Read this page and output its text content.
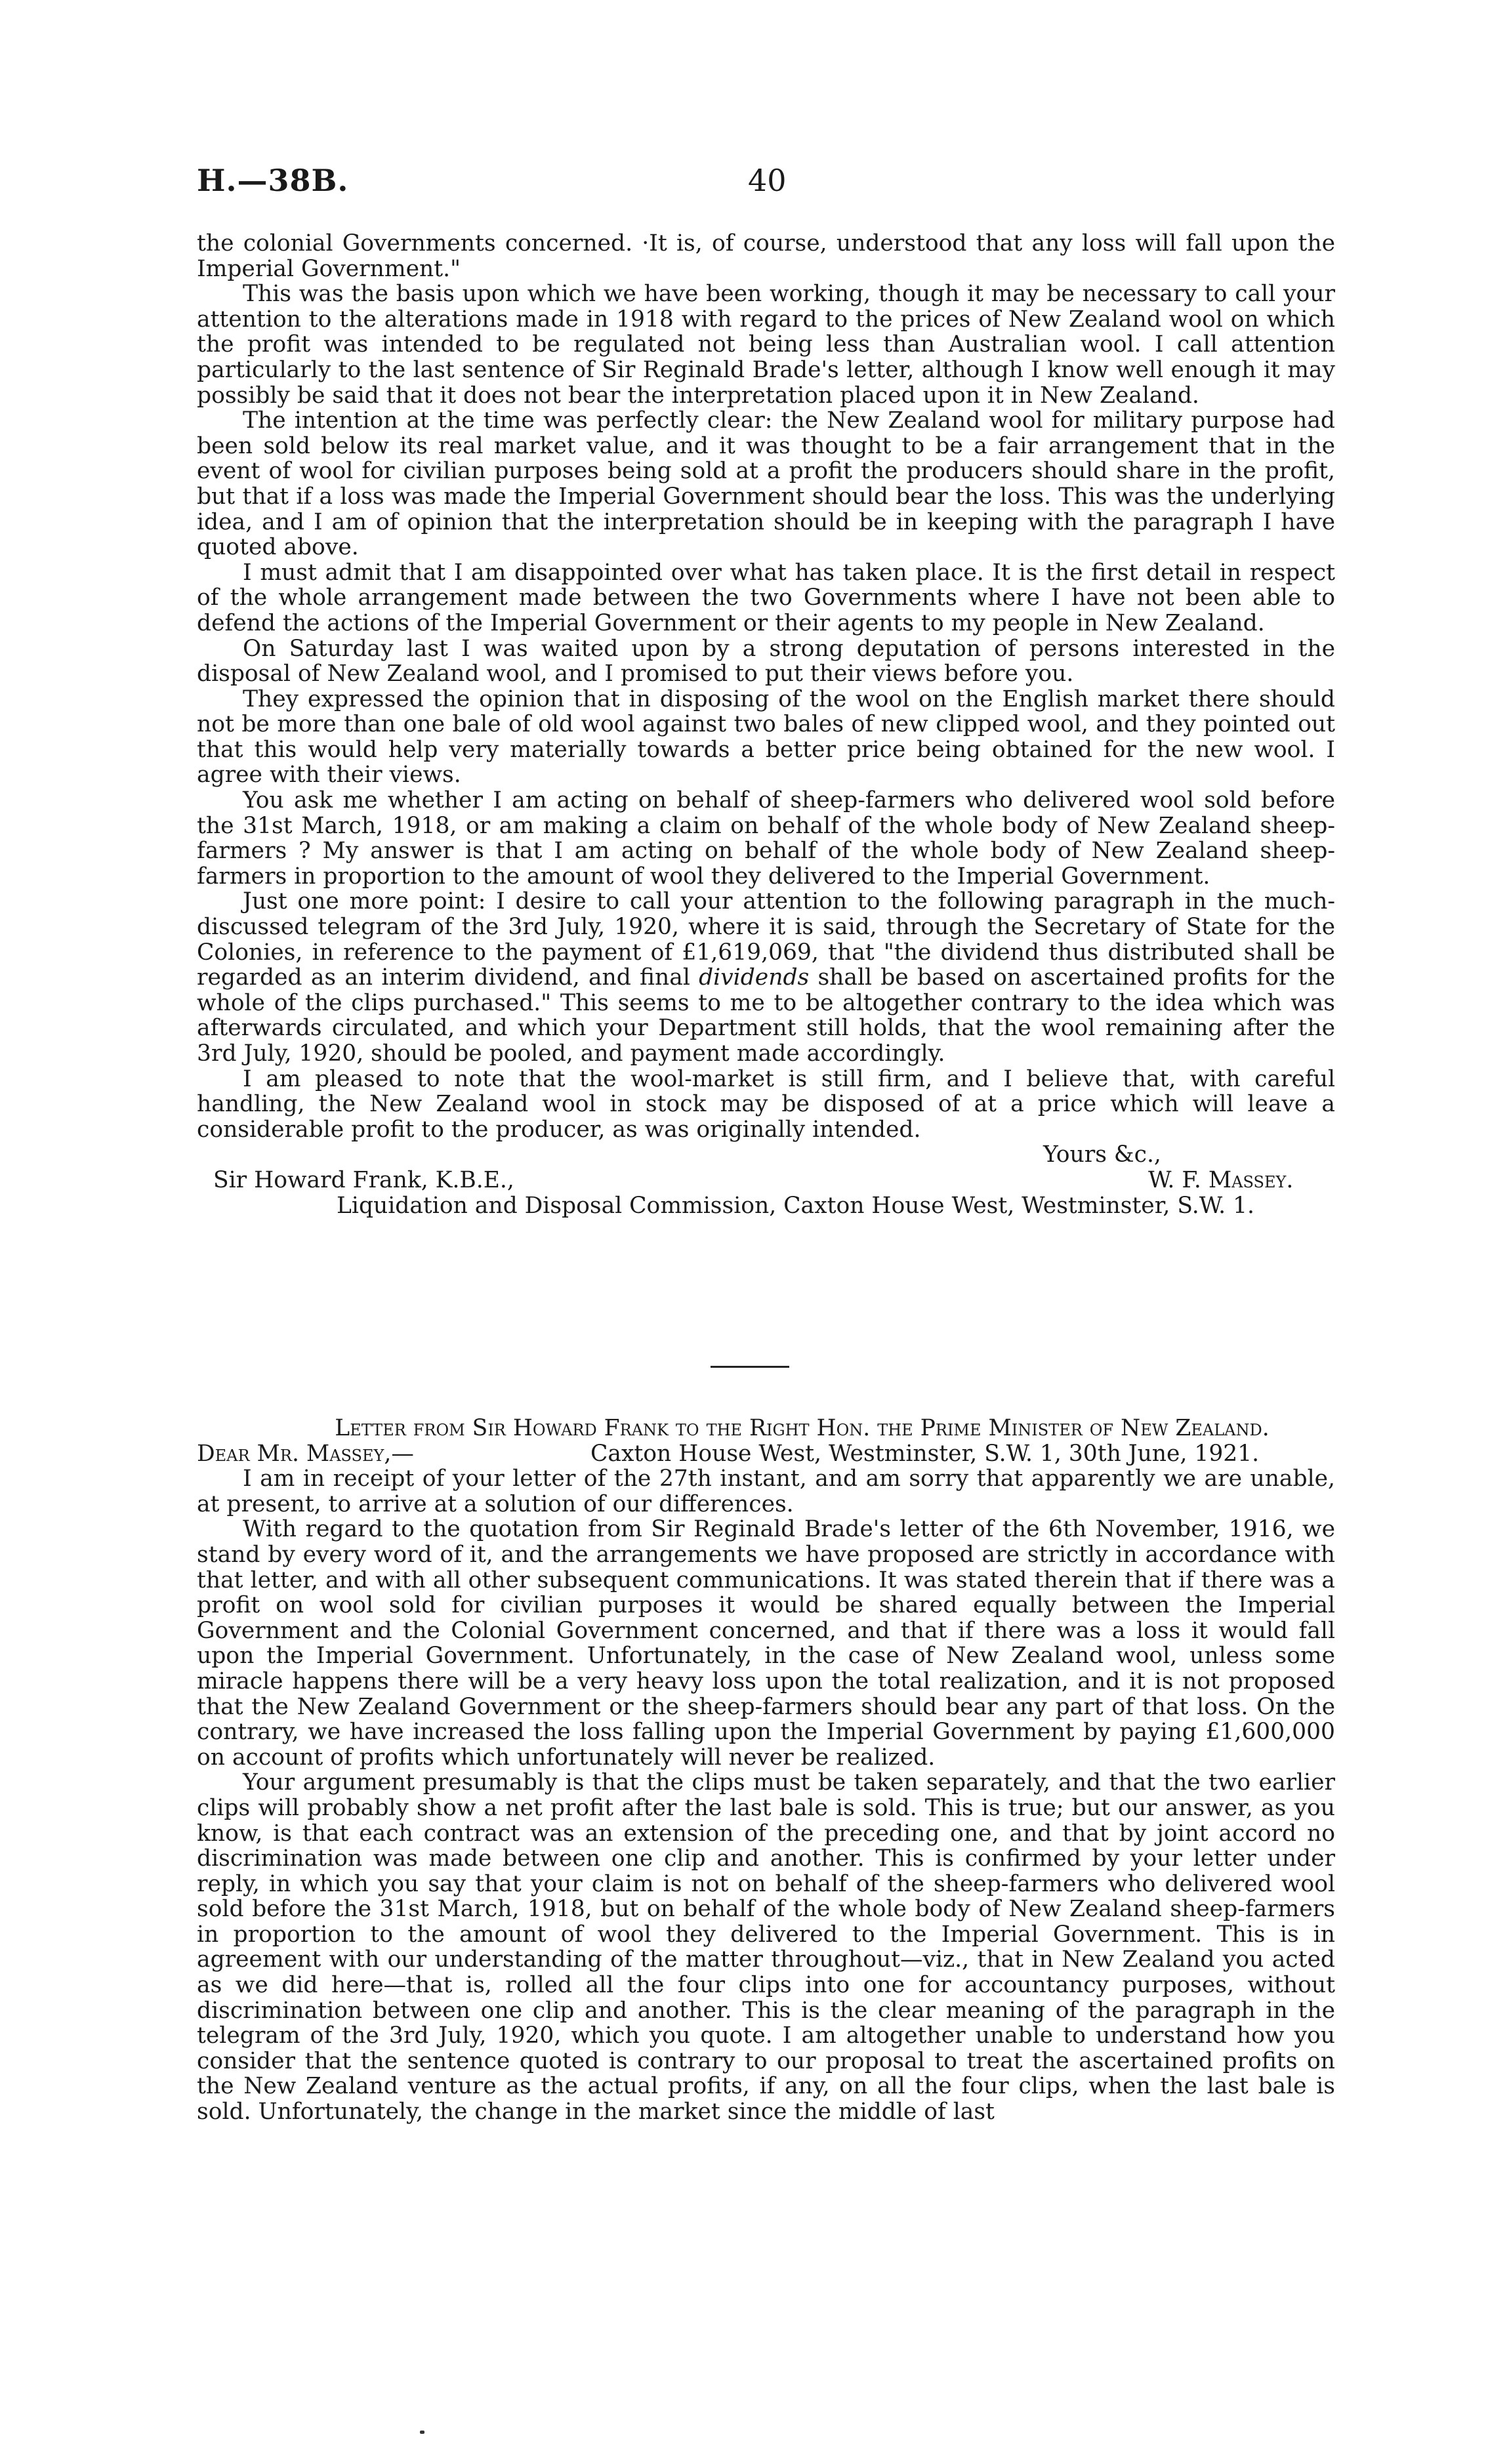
H.—38B.	40

the colonial Governments concerned. ·It is, of course, understood that any loss will fall upon the Imperial Government."

This was the basis upon which we have been working, though it may be necessary to call your attention to the alterations made in 1918 with regard to the prices of New Zealand wool on which the profit was intended to be regulated not being less than Australian wool. I call attention particularly to the last sentence of Sir Reginald Brade's letter, although I know well enough it may possibly be said that it does not bear the interpretation placed upon it in New Zealand.

The intention at the time was perfectly clear: the New Zealand wool for military purpose had been sold below its real market value, and it was thought to be a fair arrangement that in the event of wool for civilian purposes being sold at a profit the producers should share in the profit, but that if a loss was made the Imperial Government should bear the loss. This was the underlying idea, and I am of opinion that the interpretation should be in keeping with the paragraph I have quoted above.

I must admit that I am disappointed over what has taken place. It is the first detail in respect of the whole arrangement made between the two Governments where I have not been able to defend the actions of the Imperial Government or their agents to my people in New Zealand.

On Saturday last I was waited upon by a strong deputation of persons interested in the disposal of New Zealand wool, and I promised to put their views before you.

They expressed the opinion that in disposing of the wool on the English market there should not be more than one bale of old wool against two bales of new clipped wool, and they pointed out that this would help very materially towards a better price being obtained for the new wool. I agree with their views.

You ask me whether I am acting on behalf of sheep-farmers who delivered wool sold before the 31st March, 1918, or am making a claim on behalf of the whole body of New Zealand sheep-farmers ? My answer is that I am acting on behalf of the whole body of New Zealand sheep-farmers in proportion to the amount of wool they delivered to the Imperial Government.

Just one more point: I desire to call your attention to the following paragraph in the much-discussed telegram of the 3rd July, 1920, where it is said, through the Secretary of State for the Colonies, in reference to the payment of £1,619,069, that "the dividend thus distributed shall be regarded as an interim dividend, and final dividends shall be based on ascertained profits for the whole of the clips purchased." This seems to me to be altogether contrary to the idea which was afterwards circulated, and which your Department still holds, that the wool remaining after the 3rd July, 1920, should be pooled, and payment made accordingly.

I am pleased to note that the wool-market is still firm, and I believe that, with careful handling, the New Zealand wool in stock may be disposed of at a price which will leave a considerable profit to the producer, as was originally intended.

Yours &c.,
Sir Howard Frank, K.B.E.,	W. F. Massey.

Liquidation and Disposal Commission, Caxton House West, Westminster, S.W. 1.

Letter from Sir Howard Frank to the Right Hon. the Prime Minister of New Zealand.

Dear Mr. Massey,—	Caxton House West, Westminster, S.W. 1, 30th June, 1921.

I am in receipt of your letter of the 27th instant, and am sorry that apparently we are unable, at present, to arrive at a solution of our differences.

With regard to the quotation from Sir Reginald Brade's letter of the 6th November, 1916, we stand by every word of it, and the arrangements we have proposed are strictly in accordance with that letter, and with all other subsequent communications. It was stated therein that if there was a profit on wool sold for civilian purposes it would be shared equally between the Imperial Government and the Colonial Government concerned, and that if there was a loss it would fall upon the Imperial Government. Unfortunately, in the case of New Zealand wool, unless some miracle happens there will be a very heavy loss upon the total realization, and it is not proposed that the New Zealand Government or the sheep-farmers should bear any part of that loss. On the contrary, we have increased the loss falling upon the Imperial Government by paying £1,600,000 on account of profits which unfortunately will never be realized.

Your argument presumably is that the clips must be taken separately, and that the two earlier clips will probably show a net profit after the last bale is sold. This is true; but our answer, as you know, is that each contract was an extension of the preceding one, and that by joint accord no discrimination was made between one clip and another. This is confirmed by your letter under reply, in which you say that your claim is not on behalf of the sheep-farmers who delivered wool sold before the 31st March, 1918, but on behalf of the whole body of New Zealand sheep-farmers in proportion to the amount of wool they delivered to the Imperial Government. This is in agreement with our understanding of the matter throughout—viz., that in New Zealand you acted as we did here—that is, rolled all the four clips into one for accountancy purposes, without discrimination between one clip and another. This is the clear meaning of the paragraph in the telegram of the 3rd July, 1920, which you quote. I am altogether unable to understand how you consider that the sentence quoted is contrary to our proposal to treat the ascertained profits on the New Zealand venture as the actual profits, if any, on all the four clips, when the last bale is sold. Unfortunately, the change in the market since the middle of last
